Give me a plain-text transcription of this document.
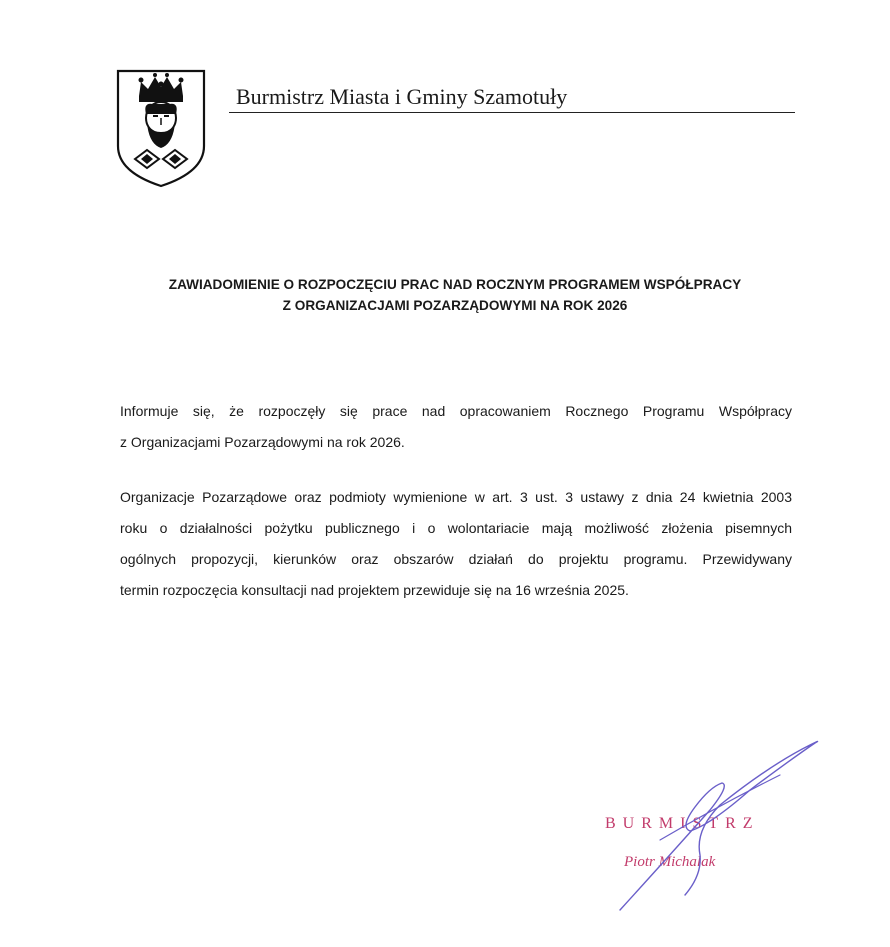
Burmistrz Miasta i Gminy Szamotuły
ZAWIADOMIENIE O ROZPOCZĘCIU PRAC NAD ROCZNYM PROGRAMEM WSPÓŁPRACY
Z ORGANIZACJAMI POZARZĄDOWYMI NA ROK 2026
Informuje się, że rozpoczęły się prace nad opracowaniem Rocznego Programu Współpracy
z Organizacjami Pozarządowymi na rok 2026.
Organizacje Pozarządowe oraz podmioty wymienione w art. 3 ust. 3 ustawy z dnia 24 kwietnia 2003
roku o działalności pożytku publicznego i o wolontariacie mają możliwość złożenia pisemnych
ogólnych propozycji, kierunków oraz obszarów działań do projektu programu. Przewidywany
termin rozpoczęcia konsultacji nad projektem przewiduje się na 16 września 2025.
BURMISTRZ
Piotr Michalak
